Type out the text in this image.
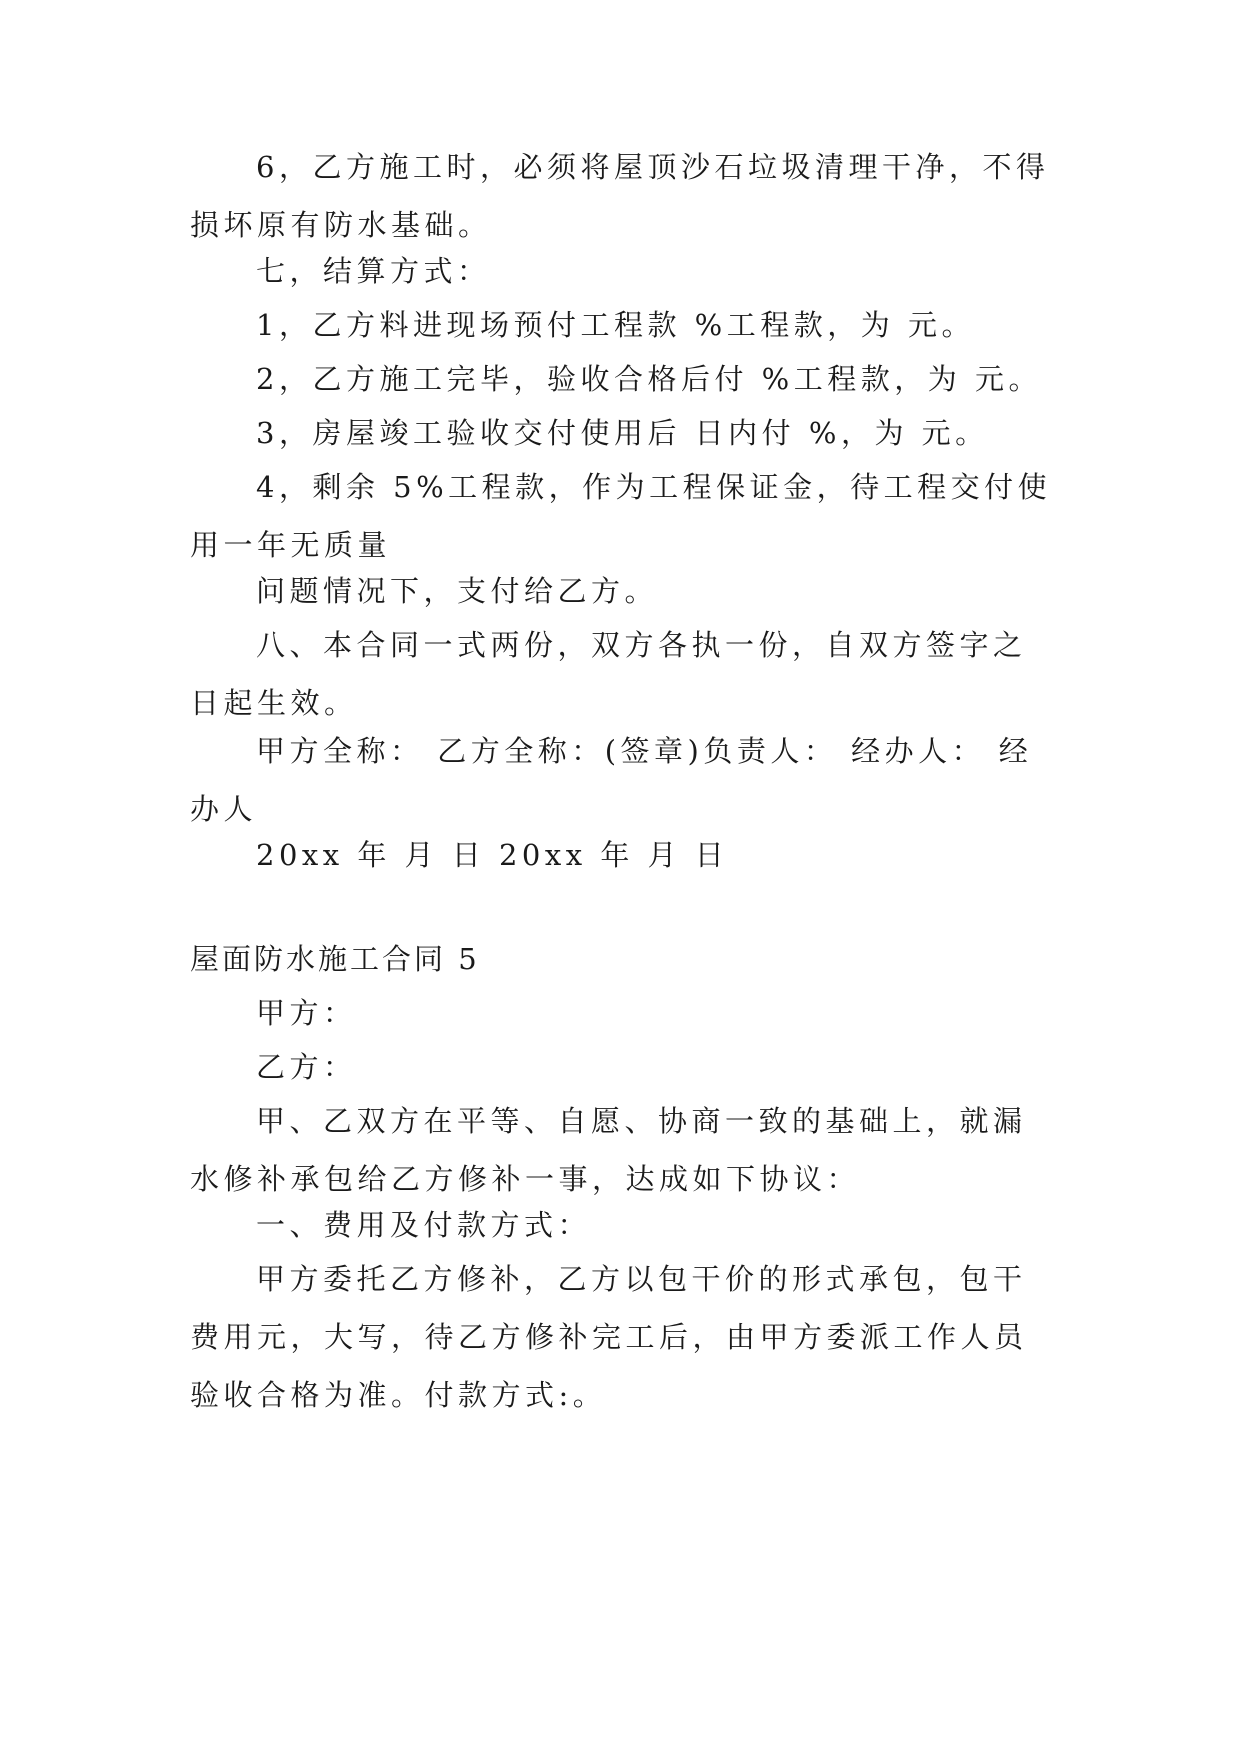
6，乙方施工时，必须将屋顶沙石垃圾清理干净，不得损坏原有防水基础。

七，结算方式：

1，乙方料进现场预付工程款 %工程款，为 元。

2，乙方施工完毕，验收合格后付 %工程款，为 元。

3，房屋竣工验收交付使用后 日内付 %，为 元。

4，剩余 5%工程款，作为工程保证金，待工程交付使用一年无质量

问题情况下，支付给乙方。

八、本合同一式两份，双方各执一份，自双方签字之日起生效。

甲方全称： 乙方全称：(签章)负责人： 经办人： 经办人

20xx 年 月 日 20xx 年 月 日

屋面防水施工合同 5

甲方：

乙方：

甲、乙双方在平等、自愿、协商一致的基础上，就漏水修补承包给乙方修补一事，达成如下协议：

一、费用及付款方式：

甲方委托乙方修补，乙方以包干价的形式承包，包干费用元，大写，待乙方修补完工后，由甲方委派工作人员验收合格为准。付款方式:。
